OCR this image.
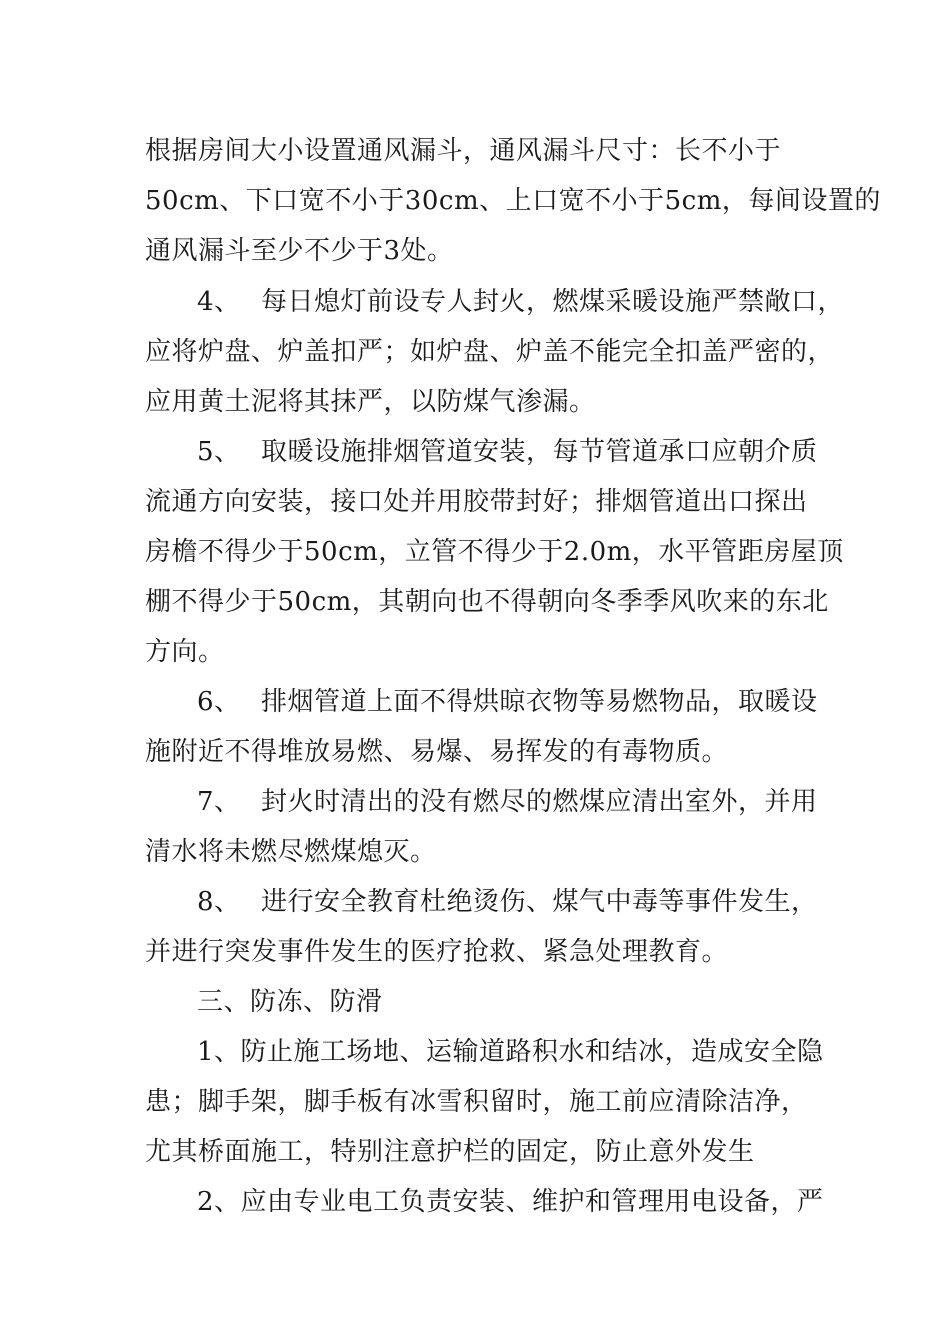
根据房间大小设置通风漏斗，通风漏斗尺寸：长不小于
50cm、下口宽不小于30cm、上口宽不小于5cm，每间设置的
通风漏斗至少不少于3处。
4、 每日熄灯前设专人封火，燃煤采暖设施严禁敞口，
应将炉盘、炉盖扣严；如炉盘、炉盖不能完全扣盖严密的，
应用黄土泥将其抹严，以防煤气渗漏。
5、 取暖设施排烟管道安装，每节管道承口应朝介质
流通方向安装，接口处并用胶带封好；排烟管道出口探出
房檐不得少于50cm，立管不得少于2.0m，水平管距房屋顶
棚不得少于50cm，其朝向也不得朝向冬季季风吹来的东北
方向。
6、 排烟管道上面不得烘晾衣物等易燃物品，取暖设
施附近不得堆放易燃、易爆、易挥发的有毒物质。
7、 封火时清出的没有燃尽的燃煤应清出室外，并用
清水将未燃尽燃煤熄灭。
8、 进行安全教育杜绝烫伤、煤气中毒等事件发生，
并进行突发事件发生的医疗抢救、紧急处理教育。
三、防冻、防滑
1、防止施工场地、运输道路积水和结冰，造成安全隐
患；脚手架，脚手板有冰雪积留时，施工前应清除洁净，
尤其桥面施工，特别注意护栏的固定，防止意外发生
2、应由专业电工负责安装、维护和管理用电设备，严
